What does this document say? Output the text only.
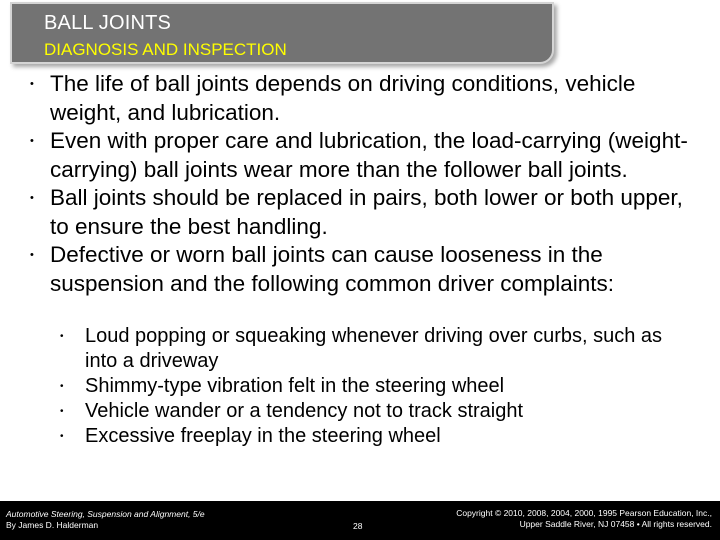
BALL JOINTS
DIAGNOSIS AND INSPECTION
• The life of ball joints depends on driving conditions, vehicle weight, and lubrication.
• Even with proper care and lubrication, the load-carrying (weight-carrying) ball joints wear more than the follower ball joints.
• Ball joints should be replaced in pairs, both lower or both upper, to ensure the best handling.
• Defective or worn ball joints can cause looseness in the suspension and the following common driver complaints:
•	Loud popping or squeaking whenever driving over curbs, such as into a driveway
•	Shimmy-type vibration felt in the steering wheel
•	Vehicle wander or a tendency not to track straight
•	Excessive freeplay in the steering wheel
Automotive Steering, Suspension and Alignment, 5/e
By James D. Halderman	28
Copyright © 2010, 2008, 2004, 2000, 1995 Pearson Education, Inc.,
Upper Saddle River, NJ 07458 • All rights reserved.
